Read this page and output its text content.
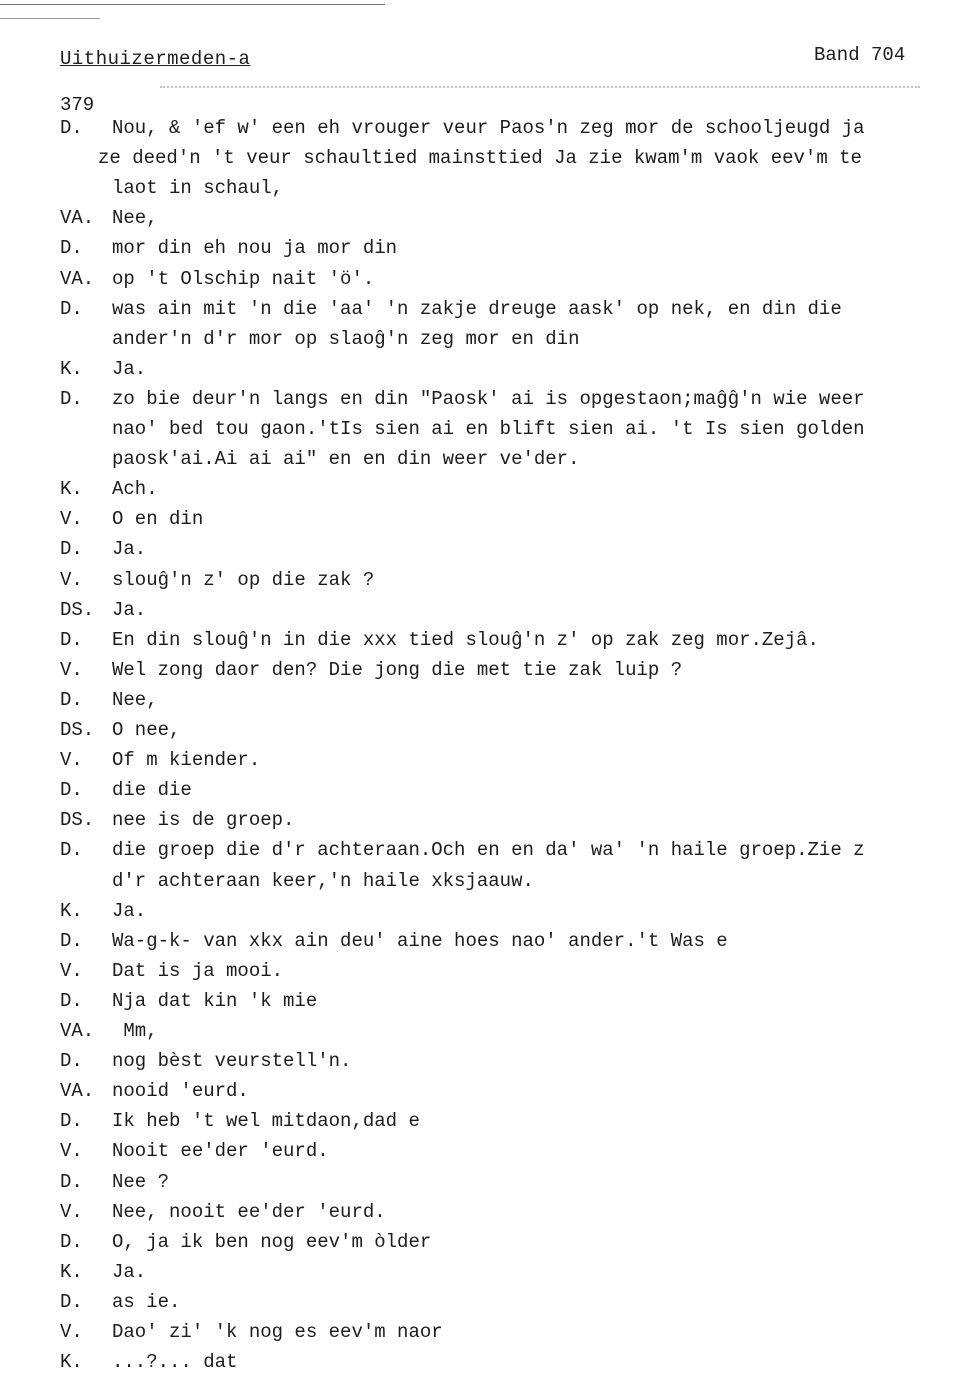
Uithuizermeden-a	Band 704
379
D. Nou, & 'ef w' een eh vrouger veur Paos'n zeg mor de schooljeugd ja
ze deed'n 't veur schaultied mainsttied Ja zie kwam'm vaok eev'm te
laot in schaul,
VA. Nee,
D. mor din eh nou ja mor din
VA. op 't Olschip nait 'ö'.
D. was ain mit 'n die 'aa' 'n zakje dreuge aask' op nek, en din die
ander'n d'r mor op slaoĝ'n zeg mor en din
K. Ja.
D. zo bie deur'n langs en din "Paosk' ai is opgestaon;maĝĝ'n wie weer
nao' bed tou gaon.'tIs sien ai en blift sien ai. 't Is sien golden
paosk'ai.Ai ai ai" en en din weer ve'der.
K. Ach.
V. O en din
D. Ja.
V. slouĝ'n z' op die zak ?
DS. Ja.
D. En din slouĝ'n in die xxx tied slouĝ'n z' op zak zeg mor.Zejâ.
V. Wel zong daor den? Die jong die met tie zak luip ?
D. Nee,
DS. O nee,
V. Of m kiender.
D. die die
DS. nee is de groep.
D. die groep die d'r achteraan.Och en en da' wa' 'n haile groep.Zie z
d'r achteraan keer,'n haile xksjaauw.
K. Ja.
D. Wa-g-k- van xkx ain deu' aine hoes nao' ander.'t Was e
V. Dat is ja mooi.
D. Nja dat kin 'k mie
VA. Mm,
D. nog bèst veurstell'n.
VA. nooid 'eurd.
D. Ik heb 't wel mitdaon,dad e
V. Nooit ee'der 'eurd.
D. Nee ?
V. Nee, nooit ee'der 'eurd.
D. O, ja ik ben nog eev'm òlder
K. Ja.
D. as ie.
V. Dao' zi' 'k nog es eev'm naor
K. ...?... dat
